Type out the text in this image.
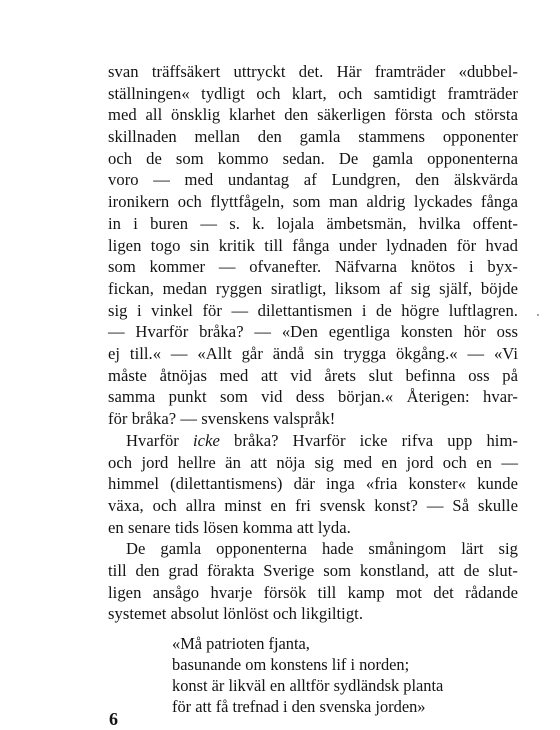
svan träffsäkert uttryckt det. Här framträder «dubbel-
ställningen« tydligt och klart, och samtidigt framträder
med all önsklig klarhet den säkerligen första och största
skillnaden mellan den gamla stammens opponenter
och de som kommo sedan. De gamla opponenterna
voro — med undantag af Lundgren, den älskvärda
ironikern och flyttfågeln, som man aldrig lyckades fånga
in i buren — s. k. lojala ämbetsmän, hvilka offent-
ligen togo sin kritik till fånga under lydnaden för hvad
som kommer — ofvanefter. Näfvarna knötos i byx-
fickan, medan ryggen siratligt, liksom af sig själf, böjde
sig i vinkel för — dilettantismen i de högre luftlagren.
— Hvarför bråka? — «Den egentliga konsten hör oss
ej till.« — «Allt går ändå sin trygga ökgång.« — «Vi
måste åtnöjas med att vid årets slut befinna oss på
samma punkt som vid dess början.« Återigen: hvar-
för bråka? — svenskens valspråk!
Hvarför icke bråka? Hvarför icke rifva upp him-
och jord hellre än att nöja sig med en jord och en —
himmel (dilettantismens) där inga «fria konster« kunde
växa, och allra minst en fri svensk konst? — Så skulle
en senare tids lösen komma att lyda.
De gamla opponenterna hade småningom lärt sig
till den grad förakta Sverige som konstland, att de slut-
ligen ansågo hvarje försök till kamp mot det rådande
systemet absolut lönlöst och likgiltigt.
«Må patrioten fjanta,
basunande om konstens lif i norden;
konst är likväl en alltför sydländsk planta
för att få trefnad i den svenska jorden»
6
